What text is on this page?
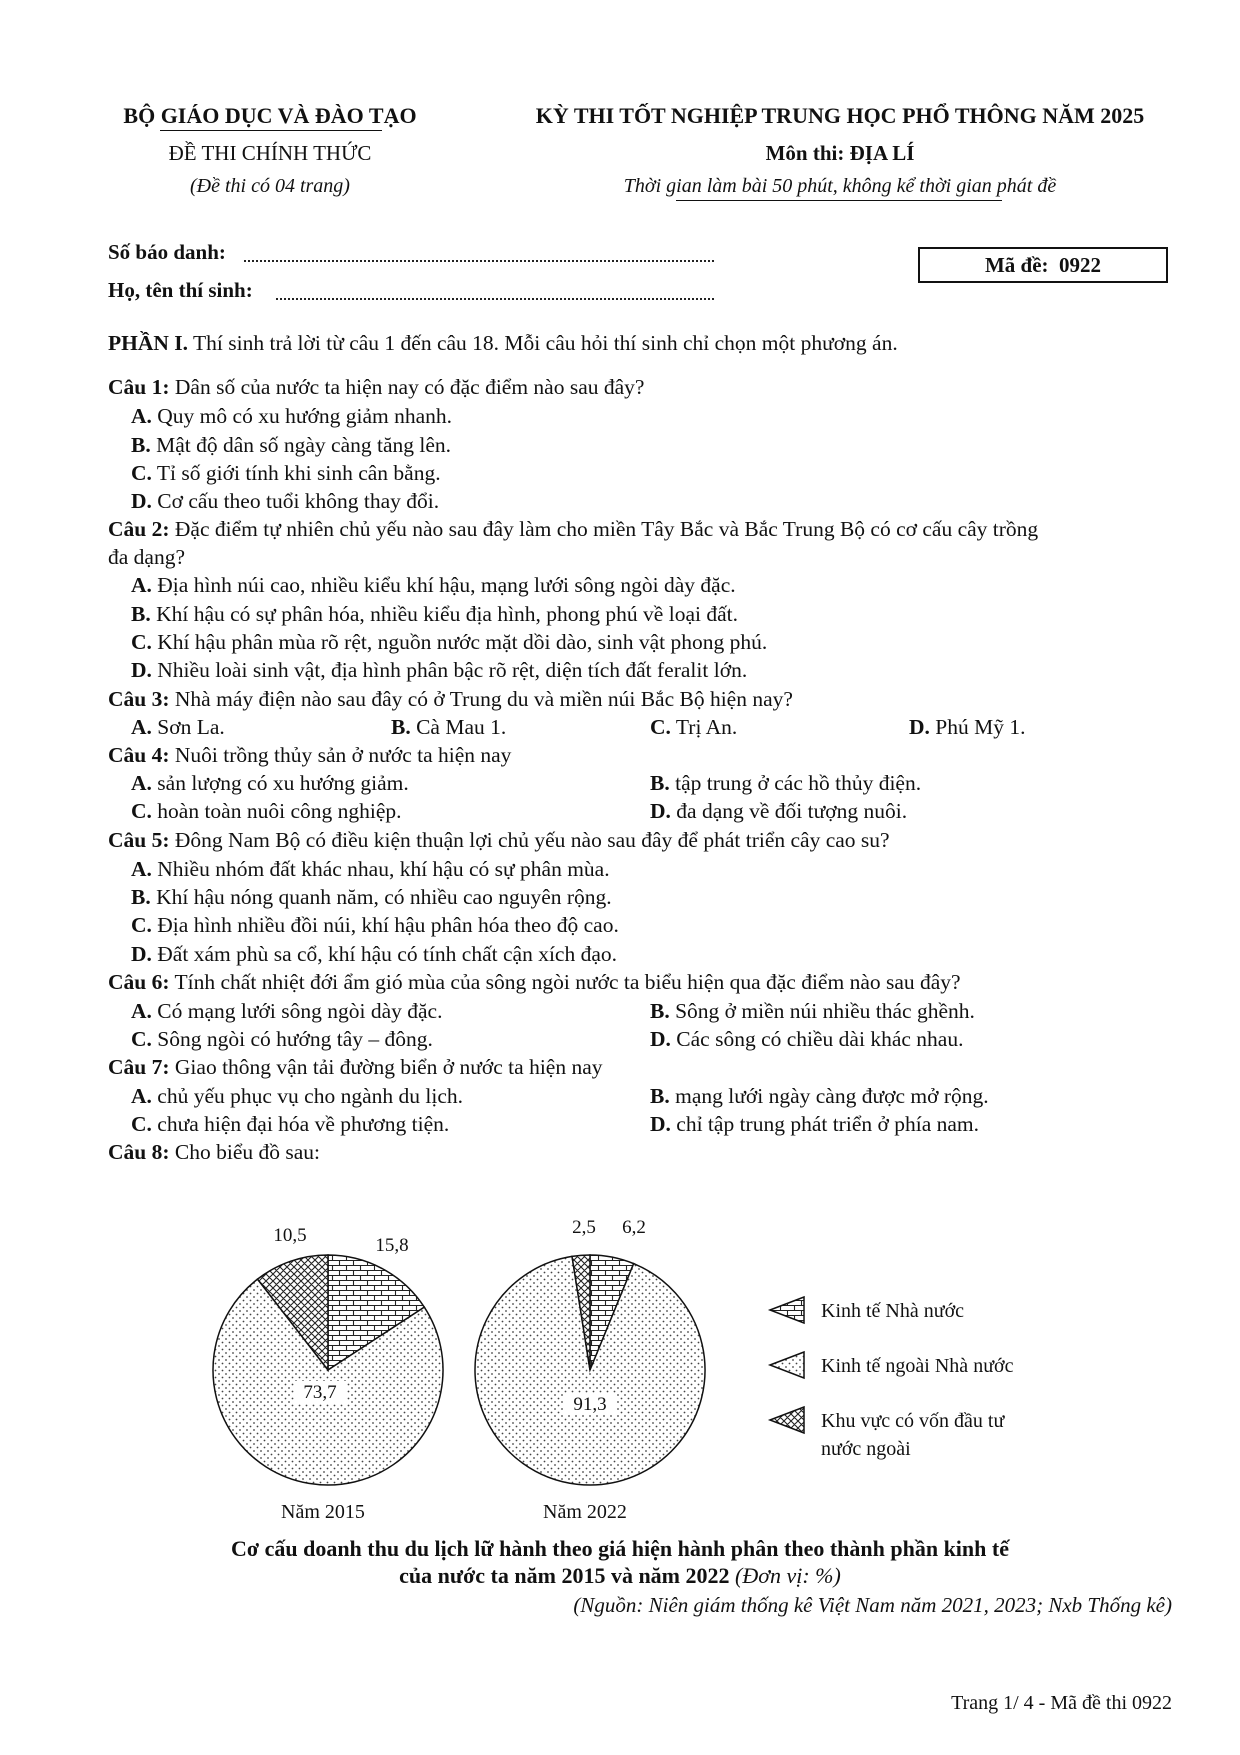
BỘ GIÁO DỤC VÀ ĐÀO TẠO
ĐỀ THI CHÍNH THỨC
(Đề thi có 04 trang)
KỲ THI TỐT NGHIỆP TRUNG HỌC PHỔ THÔNG NĂM 2025
Môn thi: ĐỊA LÍ
Thời gian làm bài 50 phút, không kể thời gian phát đề
Số báo danh:
Họ, tên thí sinh:
Mã đề:
0922
PHẦN I. Thí sinh trả lời từ câu 1 đến câu 18. Mỗi câu hỏi thí sinh chỉ chọn một phương án.
Câu 1: Dân số của nước ta hiện nay có đặc điểm nào sau đây?
A. Quy mô có xu hướng giảm nhanh.
B. Mật độ dân số ngày càng tăng lên.
C. Tỉ số giới tính khi sinh cân bằng.
D. Cơ cấu theo tuổi không thay đổi.
Câu 2: Đặc điểm tự nhiên chủ yếu nào sau đây làm cho miền Tây Bắc và Bắc Trung Bộ có cơ cấu cây trồng
đa dạng?
A. Địa hình núi cao, nhiều kiểu khí hậu, mạng lưới sông ngòi dày đặc.
B. Khí hậu có sự phân hóa, nhiều kiểu địa hình, phong phú về loại đất.
C. Khí hậu phân mùa rõ rệt, nguồn nước mặt dồi dào, sinh vật phong phú.
D. Nhiều loài sinh vật, địa hình phân bậc rõ rệt, diện tích đất feralit lớn.
Câu 3: Nhà máy điện nào sau đây có ở Trung du và miền núi Bắc Bộ hiện nay?
A. Sơn La.	B. Cà Mau 1.	C. Trị An.	D. Phú Mỹ 1.
Câu 4: Nuôi trồng thủy sản ở nước ta hiện nay
A. sản lượng có xu hướng giảm.	B. tập trung ở các hồ thủy điện.
C. hoàn toàn nuôi công nghiệp.	D. đa dạng về đối tượng nuôi.
Câu 5: Đông Nam Bộ có điều kiện thuận lợi chủ yếu nào sau đây để phát triển cây cao su?
A. Nhiều nhóm đất khác nhau, khí hậu có sự phân mùa.
B. Khí hậu nóng quanh năm, có nhiều cao nguyên rộng.
C. Địa hình nhiều đồi núi, khí hậu phân hóa theo độ cao.
D. Đất xám phù sa cổ, khí hậu có tính chất cận xích đạo.
Câu 6: Tính chất nhiệt đới ẩm gió mùa của sông ngòi nước ta biểu hiện qua đặc điểm nào sau đây?
A. Có mạng lưới sông ngòi dày đặc.	B. Sông ở miền núi nhiều thác ghềnh.
C. Sông ngòi có hướng tây – đông.	D. Các sông có chiều dài khác nhau.
Câu 7: Giao thông vận tải đường biển ở nước ta hiện nay
A. chủ yếu phục vụ cho ngành du lịch.	B. mạng lưới ngày càng được mở rộng.
C. chưa hiện đại hóa về phương tiện.	D. chỉ tập trung phát triển ở phía nam.
Câu 8: Cho biểu đồ sau:
15,8
73,7
10,5	6,2
91,3
2,5
Kinh tế Nhà nước
Kinh tế ngoài Nhà nước
Khu vực có vốn đầu tư
nước ngoài
Năm 2015	Năm 2022
Cơ cấu doanh thu du lịch lữ hành theo giá hiện hành phân theo thành phần kinh tế
của nước ta năm 2015 và năm 2022 (Đơn vị: %)
(Nguồn: Niên giám thống kê Việt Nam năm 2021, 2023; Nxb Thống kê)
Trang 1/ 4 - Mã đề thi 0922
